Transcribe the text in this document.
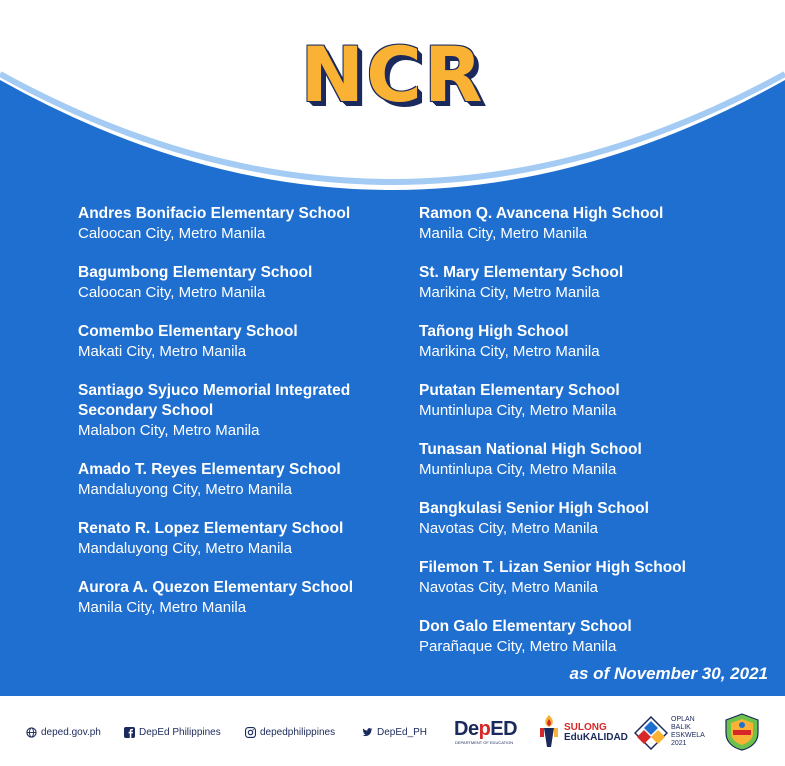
NCR
Andres Bonifacio Elementary School
Caloocan City, Metro Manila
Bagumbong Elementary School
Caloocan City, Metro Manila
Comembo Elementary School
Makati City, Metro Manila
Santiago Syjuco Memorial Integrated Secondary School
Malabon City, Metro Manila
Amado T. Reyes Elementary School
Mandaluyong City, Metro Manila
Renato R. Lopez Elementary School
Mandaluyong City, Metro Manila
Aurora A. Quezon Elementary School
Manila City, Metro Manila
Ramon Q. Avancena High School
Manila City, Metro Manila
St. Mary Elementary School
Marikina City, Metro Manila
Tañong High School
Marikina City, Metro Manila
Putatan Elementary School
Muntinlupa City, Metro Manila
Tunasan National High School
Muntinlupa City, Metro Manila
Bangkulasi Senior High School
Navotas City, Metro Manila
Filemon T. Lizan Senior High School
Navotas City, Metro Manila
Don Galo Elementary School
Parañaque City, Metro Manila
as of November 30, 2021
deped.gov.ph	DepEd Philippines	depedphilippines	DepEd_PH DepED
DEPARTMENT OF EDUCATION
SULONG
EduKALIDAD
OPLAN
BALIK
ESKWELA
2021
